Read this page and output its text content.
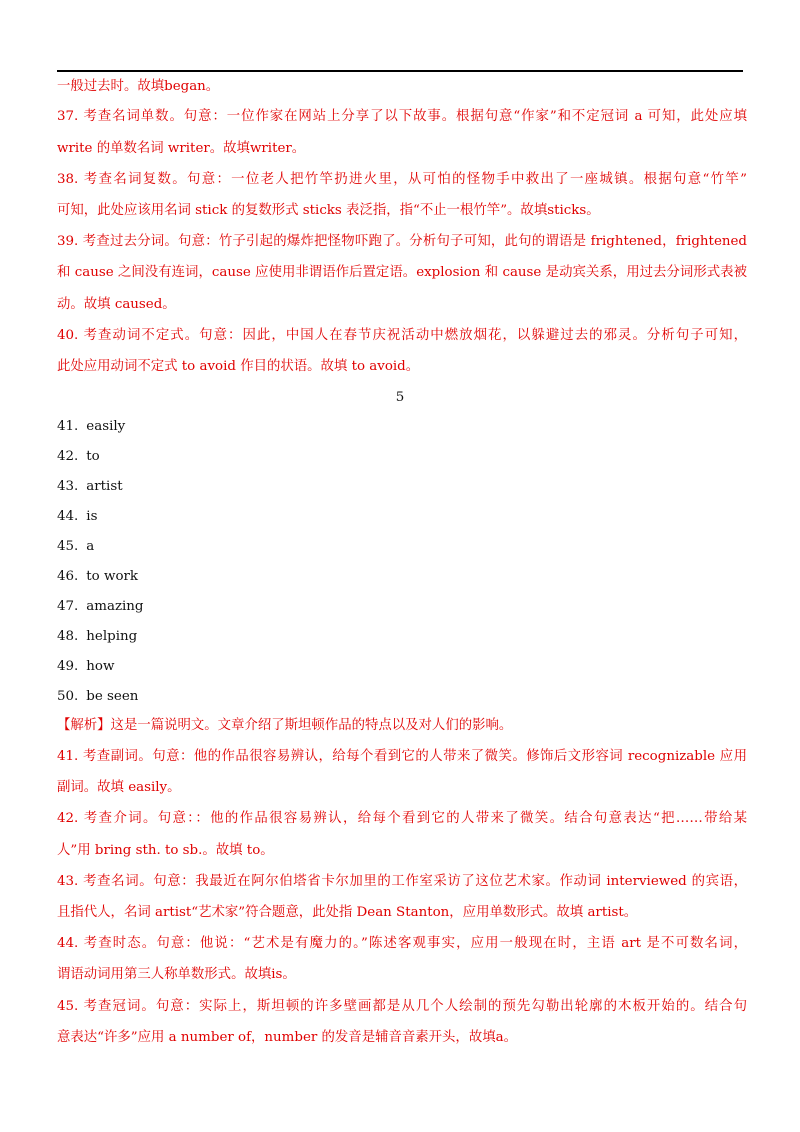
一般过去时。故填began。
37. 考查名词单数。句意：一位作家在网站上分享了以下故事。根据句意“作家”和不定冠词 a 可知，此处应填
write 的单数名词 writer。故填writer。
38. 考查名词复数。句意：一位老人把竹竿扔进火里，从可怕的怪物手中救出了一座城镇。根据句意“竹竿”
可知，此处应该用名词 stick 的复数形式 sticks 表泛指，指“不止一根竹竿”。故填sticks。
39. 考查过去分词。句意：竹子引起的爆炸把怪物吓跑了。分析句子可知，此句的谓语是 frightened，frightened
和 cause 之间没有连词，cause 应使用非谓语作后置定语。explosion 和 cause 是动宾关系，用过去分词形式表被
动。故填 caused。
40. 考查动词不定式。句意：因此，中国人在春节庆祝活动中燃放烟花，以躲避过去的邪灵。分析句子可知，
此处应用动词不定式 to avoid 作目的状语。故填 to avoid。
5
41. easily
42. to
43. artist
44. is
45. a
46. to work
47. amazing
48. helping
49. how
50. be seen
【解析】这是一篇说明文。文章介绍了斯坦顿作品的特点以及对人们的影响。
41. 考查副词。句意：他的作品很容易辨认，给每个看到它的人带来了微笑。修饰后文形容词 recognizable 应用
副词。故填 easily。
42. 考查介词。句意：：他的作品很容易辨认，给每个看到它的人带来了微笑。结合句意表达“把……带给某
人”用 bring sth. to sb.。故填 to。
43. 考查名词。句意：我最近在阿尔伯塔省卡尔加里的工作室采访了这位艺术家。作动词 interviewed 的宾语，
且指代人，名词 artist“艺术家”符合题意，此处指 Dean Stanton，应用单数形式。故填 artist。
44. 考查时态。句意：他说：“艺术是有魔力的。”陈述客观事实，应用一般现在时，主语 art 是不可数名词，
谓语动词用第三人称单数形式。故填is。
45. 考查冠词。句意：实际上，斯坦顿的许多壁画都是从几个人绘制的预先勾勒出轮廓的木板开始的。结合句
意表达“许多”应用 a number of，number 的发音是辅音音素开头，故填a。
